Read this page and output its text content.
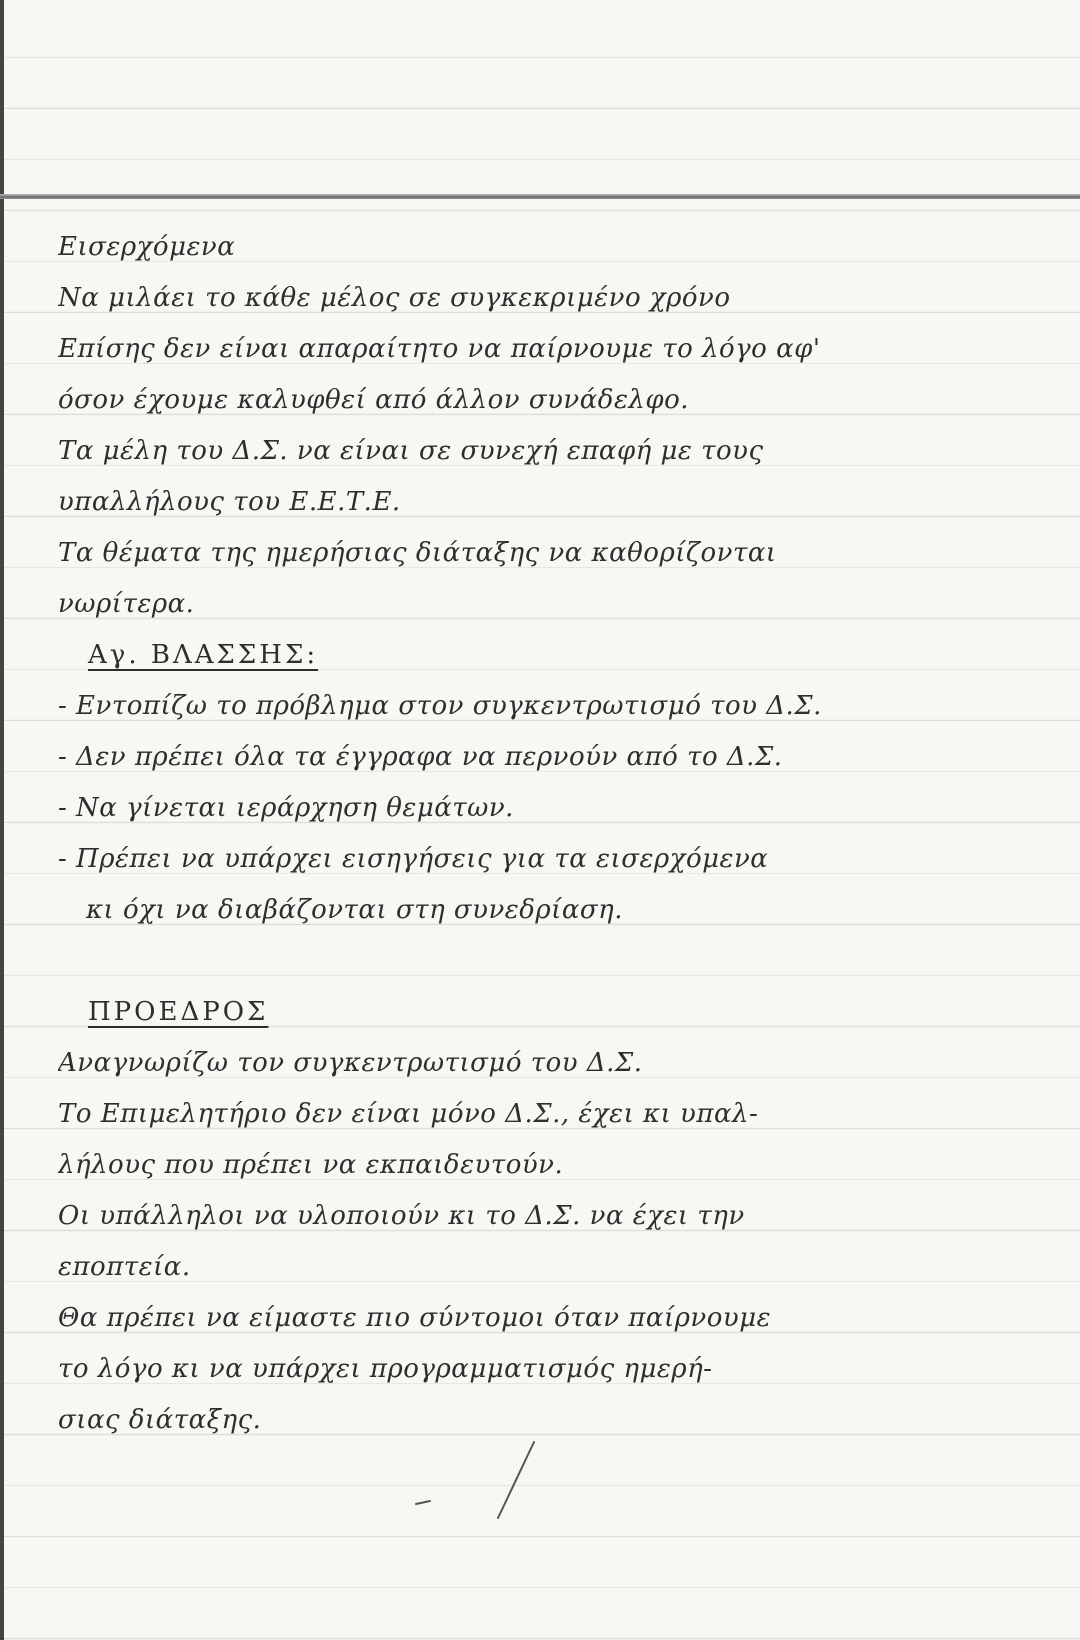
Εισερχόμενα
Να μιλάει το κάθε μέλος σε συγκεκριμένο χρόνο
Επίσης δεν είναι απαραίτητο να παίρνουμε το λόγο αφ'
όσον έχουμε καλυφθεί από άλλον συνάδελφο.
Τα μέλη του Δ.Σ. να είναι σε συνεχή επαφή με τους
υπαλλήλους του Ε.Ε.Τ.Ε.
Τα θέματα της ημερήσιας διάταξης να καθορίζονται
νωρίτερα.
Αγ. ΒΛΑΣΣΗΣ:
- Εντοπίζω το πρόβλημα στον συγκεντρωτισμό του Δ.Σ.
- Δεν πρέπει όλα τα έγγραφα να περνούν από το Δ.Σ.
- Να γίνεται ιεράρχηση θεμάτων.
- Πρέπει να υπάρχει εισηγήσεις για τα εισερχόμενα
κι όχι να διαβάζονται στη συνεδρίαση.
ΠΡΟΕΔΡΟΣ
Αναγνωρίζω τον συγκεντρωτισμό του Δ.Σ.
Το Επιμελητήριο δεν είναι μόνο Δ.Σ., έχει κι υπαλ-
λήλους που πρέπει να εκπαιδευτούν.
Οι υπάλληλοι να υλοποιούν κι το Δ.Σ. να έχει την
εποπτεία.
Θα πρέπει να είμαστε πιο σύντομοι όταν παίρνουμε
το λόγο κι να υπάρχει προγραμματισμός ημερή-
σιας διάταξης.
